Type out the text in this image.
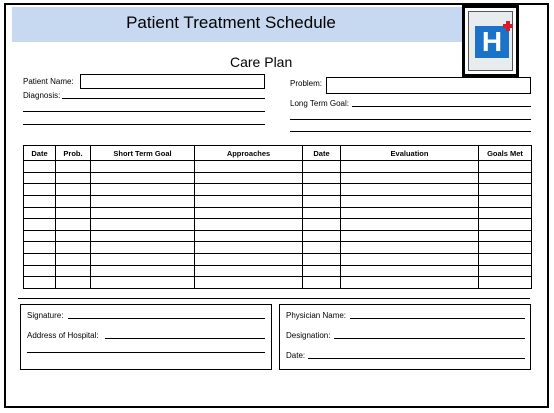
Patient Treatment Schedule
H
Care Plan
Patient Name:
Diagnosis:
Problem:
Long Term Goal:
Date	Prob.	Short Term Goal	Approaches	Date	Evaluation	Goals Met

Signature:
Address of Hospital:
Physician Name:
Designation:
Date:
